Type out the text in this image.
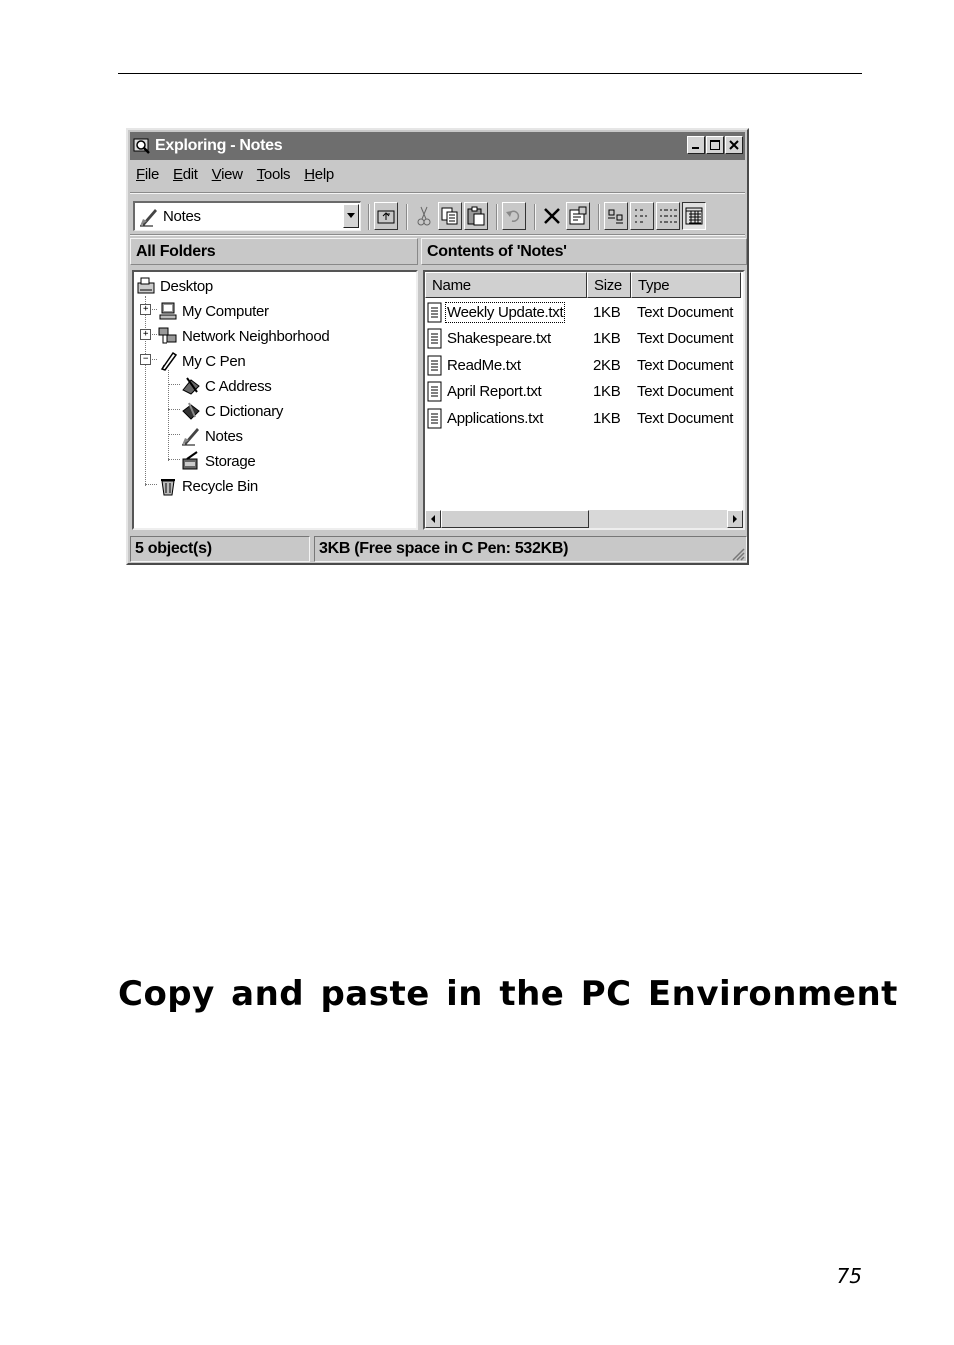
Exploring - Notes
File Edit View Tools Help
Notes
All Folders	Contents of 'Notes'
+
+
−
Desktop
My Computer
Network Neighborhood
My C Pen
C Address
C Dictionary
Notes
Storage
Recycle Bin
Name	Size	Type
Weekly Update.txt 1KB Text Document
Shakespeare.txt	1KB Text Document
ReadMe.txt	2KB Text Document
April Report.txt	1KB Text Document
Applications.txt	1KB Text Document
5 object(s)	3KB (Free space in C Pen: 532KB)
Copy and paste in the PC Environment
75
